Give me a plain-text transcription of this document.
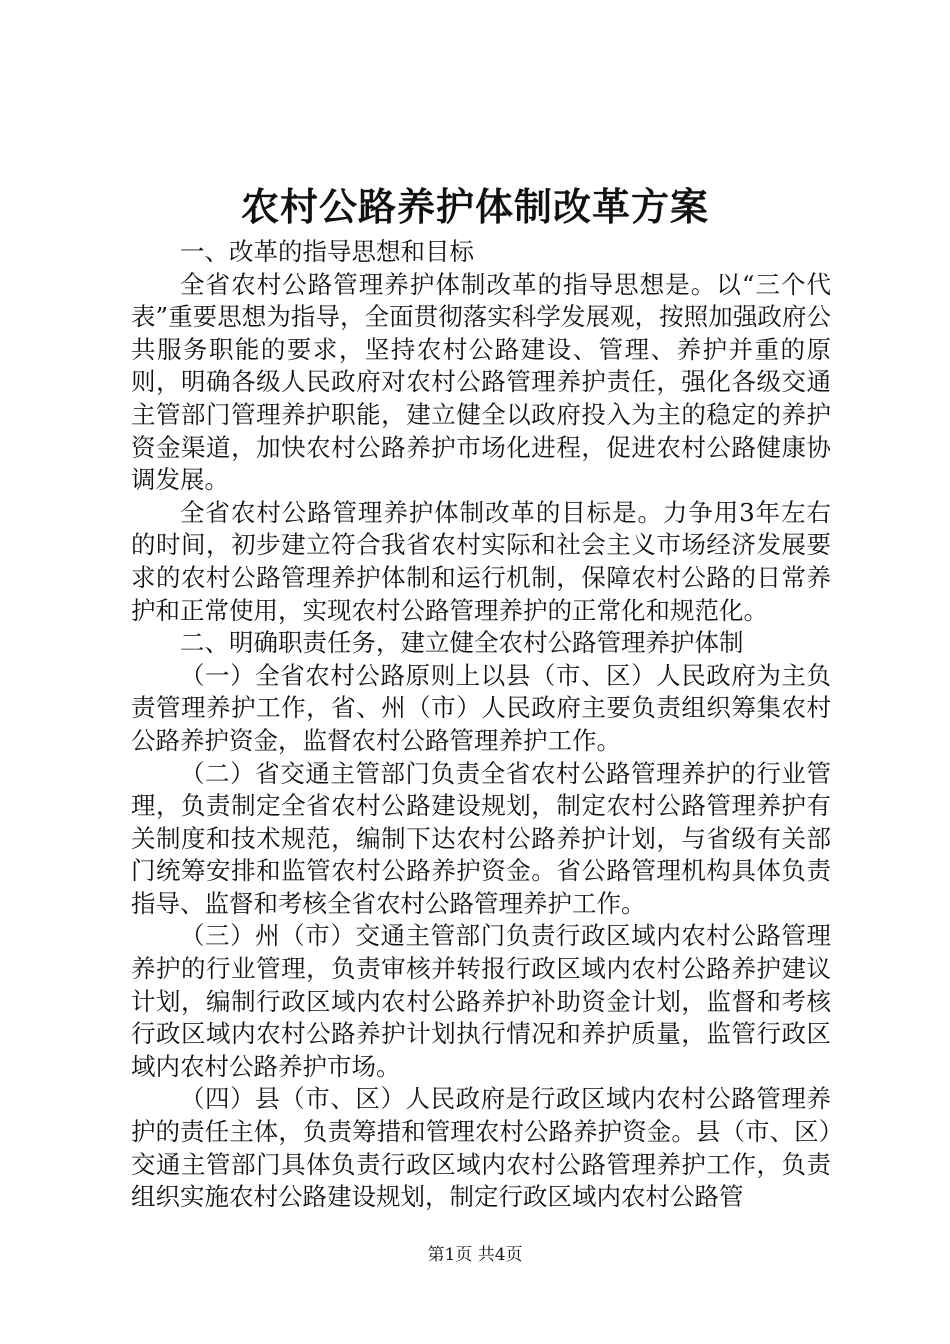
农村公路养护体制改革方案

一、改革的指导思想和目标

全省农村公路管理养护体制改革的指导思想是。以“三个代表”重要思想为指导，全面贯彻落实科学发展观，按照加强政府公共服务职能的要求，坚持农村公路建设、管理、养护并重的原则，明确各级人民政府对农村公路管理养护责任，强化各级交通主管部门管理养护职能，建立健全以政府投入为主的稳定的养护资金渠道，加快农村公路养护市场化进程，促进农村公路健康协调发展。

全省农村公路管理养护体制改革的目标是。力争用3年左右的时间，初步建立符合我省农村实际和社会主义市场经济发展要求的农村公路管理养护体制和运行机制，保障农村公路的日常养护和正常使用，实现农村公路管理养护的正常化和规范化。

二、明确职责任务，建立健全农村公路管理养护体制

（一）全省农村公路原则上以县（市、区）人民政府为主负责管理养护工作，省、州（市）人民政府主要负责组织筹集农村公路养护资金，监督农村公路管理养护工作。

（二）省交通主管部门负责全省农村公路管理养护的行业管理，负责制定全省农村公路建设规划，制定农村公路管理养护有关制度和技术规范，编制下达农村公路养护计划，与省级有关部门统筹安排和监管农村公路养护资金。省公路管理机构具体负责指导、监督和考核全省农村公路管理养护工作。

（三）州（市）交通主管部门负责行政区域内农村公路管理养护的行业管理，负责审核并转报行政区域内农村公路养护建议计划，编制行政区域内农村公路养护补助资金计划，监督和考核行政区域内农村公路养护计划执行情况和养护质量，监管行政区域内农村公路养护市场。

（四）县（市、区）人民政府是行政区域内农村公路管理养护的责任主体，负责筹措和管理农村公路养护资金。县（市、区）交通主管部门具体负责行政区域内农村公路管理养护工作，负责组织实施农村公路建设规划，制定行政区域内农村公路管

第1页 共4页
